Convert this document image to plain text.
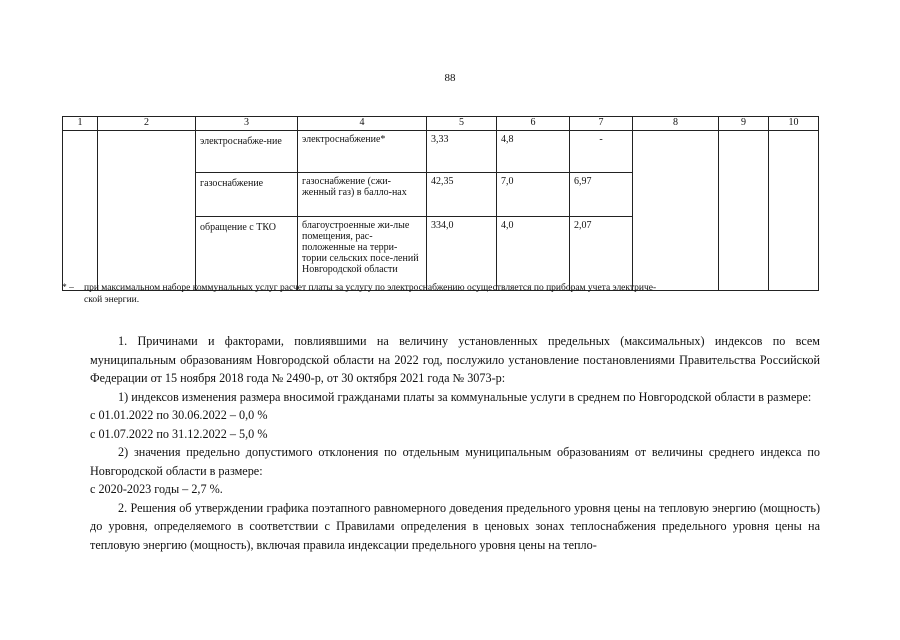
88
1	2	3	4	5	6	7	8	9	10
		электроснабже-ние	электроснабжение*	3,33	4,8	-			
		газоснабжение	газоснабжение (сжи-женный газ) в балло-нах	42,35	7,0	6,97			
		обращение с ТКО	благоустроенные жи-лые помещения, рас-положенные на терри-тории сельских посе-лений Новгородской области	334,0	4,0	2,07			
* – при максимальном наборе коммунальных услуг расчет платы за услугу по электроснабжению осуществляется по приборам учета электриче-
ской энергии.

1. Причинами и факторами, повлиявшими на величину установленных предельных (максимальных) индексов по всем муниципальным образованиям Новгородской области на 2022 год, послужило установление постановлениями Правительства Российской Федерации от 15 ноября 2018 года № 2490-р, от 30 октября 2021 года № 3073-р:

1) индексов изменения размера вносимой гражданами платы за коммунальные услуги в среднем по Новгородской области в размере:

с 01.01.2022 по 30.06.2022 – 0,0 %

с 01.07.2022 по 31.12.2022 – 5,0 %

2) значения предельно допустимого отклонения по отдельным муниципальным образованиям от величины среднего индекса по Новгородской области в размере:

с 2020-2023 годы – 2,7 %.

2. Решения об утверждении графика поэтапного равномерного доведения предельного уровня цены на тепловую энергию (мощность) до уровня, определяемого в соответствии с Правилами определения в ценовых зонах теплоснабжения предельного уровня цены на тепловую энергию (мощность), включая правила индексации предельного уровня цены на тепло-
